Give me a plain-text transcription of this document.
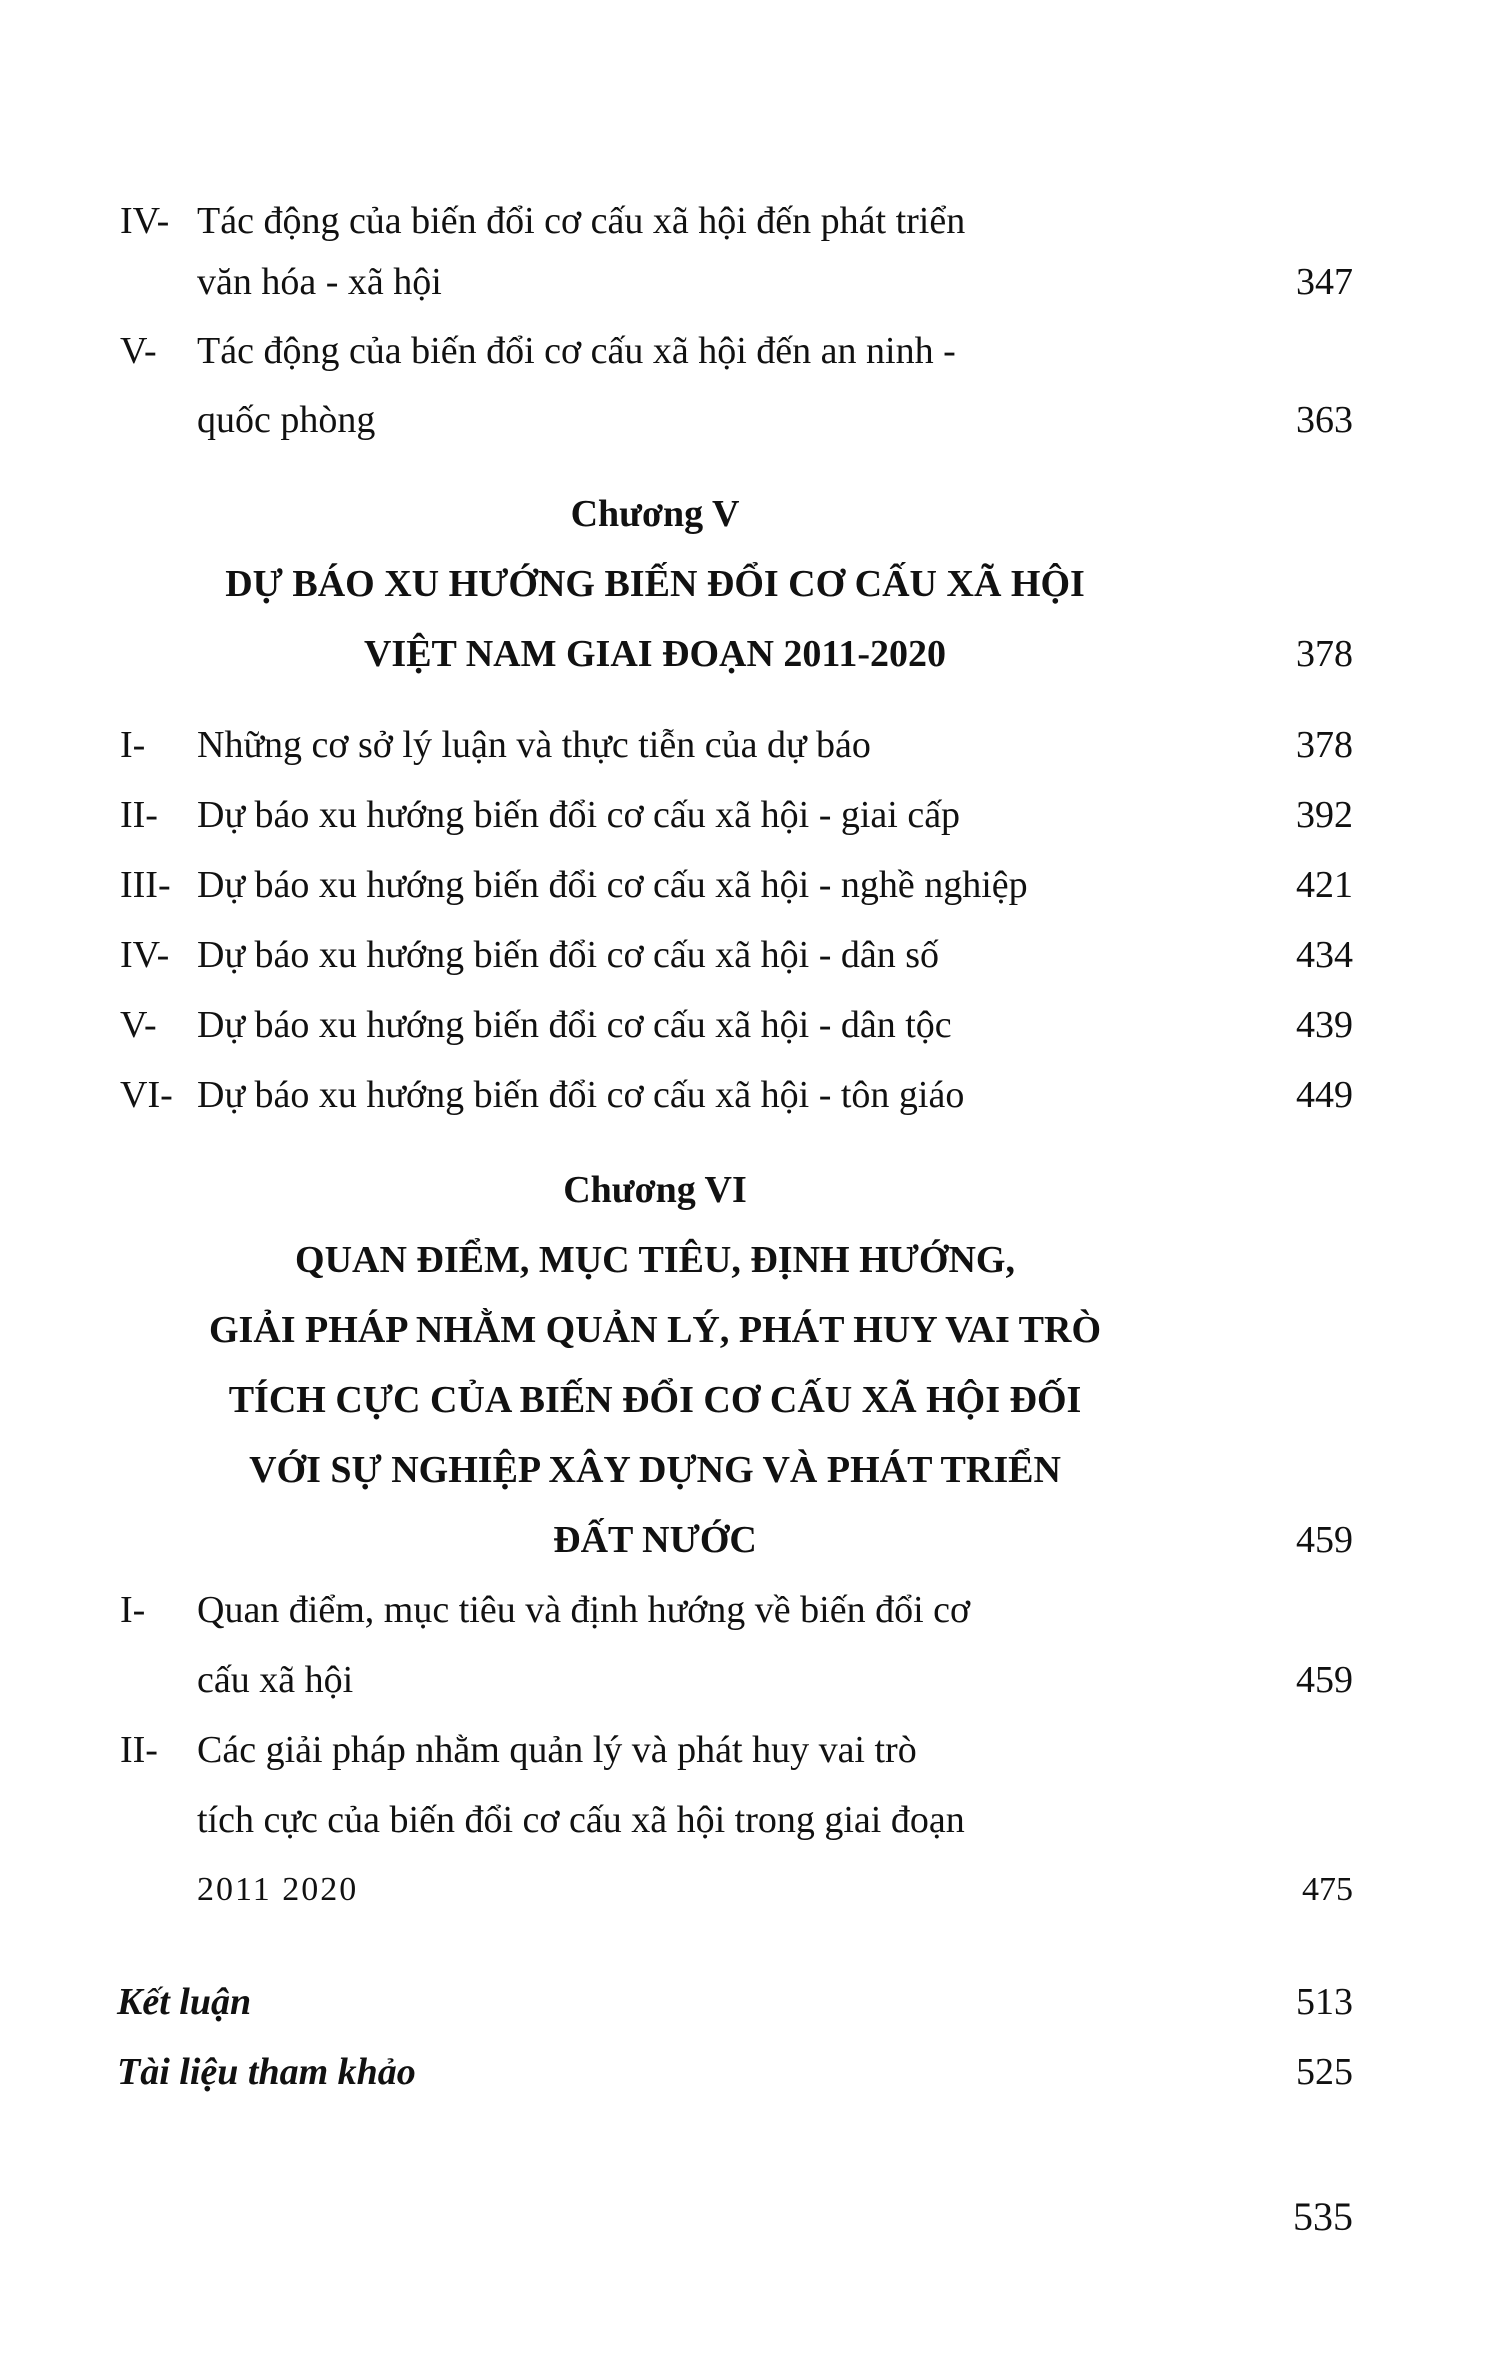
IV- Tác động của biến đổi cơ cấu xã hội đến phát triển
văn hóa - xã hội	347
V- Tác động của biến đổi cơ cấu xã hội đến an ninh -
quốc phòng	363
Chương V
DỰ BÁO XU HƯỚNG BIẾN ĐỔI CƠ CẤU XÃ HỘI
VIỆT NAM GIAI ĐOẠN 2011-2020	378
I- Những cơ sở lý luận và thực tiễn của dự báo	378
II- Dự báo xu hướng biến đổi cơ cấu xã hội - giai cấp	392
III- Dự báo xu hướng biến đổi cơ cấu xã hội - nghề nghiệp	421
IV- Dự báo xu hướng biến đổi cơ cấu xã hội - dân số	434
V- Dự báo xu hướng biến đổi cơ cấu xã hội - dân tộc	439
VI- Dự báo xu hướng biến đổi cơ cấu xã hội - tôn giáo	449
Chương VI
QUAN ĐIỂM, MỤC TIÊU, ĐỊNH HƯỚNG,
GIẢI PHÁP NHẰM QUẢN LÝ, PHÁT HUY VAI TRÒ
TÍCH CỰC CỦA BIẾN ĐỔI CƠ CẤU XÃ HỘI ĐỐI
VỚI SỰ NGHIỆP XÂY DỰNG VÀ PHÁT TRIỂN
ĐẤT NƯỚC	459
I- Quan điểm, mục tiêu và định hướng về biến đổi cơ
cấu xã hội	459
II- Các giải pháp nhằm quản lý và phát huy vai trò
tích cực của biến đổi cơ cấu xã hội trong giai đoạn
2011 2020	475
Kết luận	513
Tài liệu tham khảo	525
535
